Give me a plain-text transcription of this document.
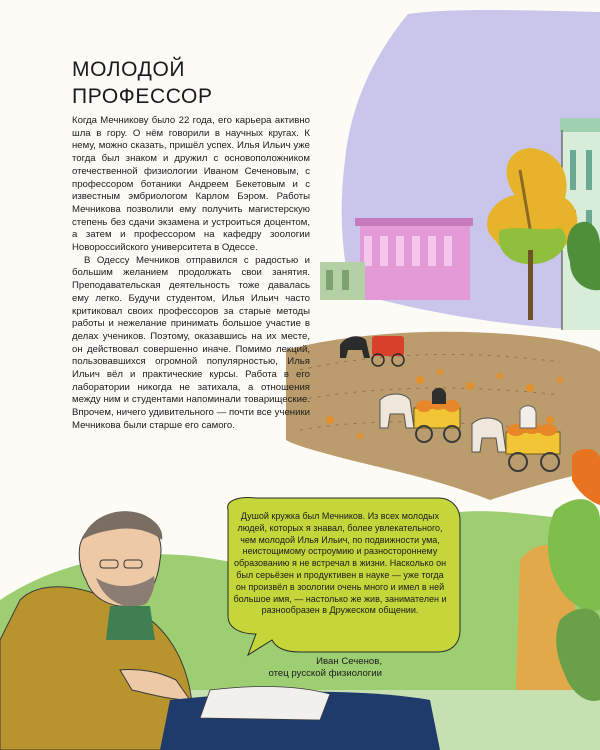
МОЛОДОЙ
ПРОФЕССОР

Когда Мечникову было 22 года, его карьера активно шла в гору. О нём говорили в научных кругах. К нему, можно сказать, пришёл успех. Илья Ильич уже тогда был знаком и дружил с основоположником отечественной физиологии Иваном Сеченовым, с профессором ботаники Андреем Бекетовым и с известным эмбриологом Карлом Бэром. Работы Мечникова позволили ему получить магистерскую степень без сдачи экзамена и устроиться доцентом, а затем и профессором на кафедру зоологии Новороссийского университета в Одессе.

В Одессу Мечников отправился с радостью и большим желанием продолжать свои занятия. Преподавательская деятельность тоже давалась ему легко. Будучи студентом, Илья Ильич часто критиковал своих профессоров за старые методы работы и нежелание принимать большое участие в делах учеников. Поэтому, оказавшись на их месте, он действовал совершенно иначе. Помимо лекций, пользовавшихся огромной популярностью, Илья Ильич вёл и практические курсы. Работа в его лаборатории никогда не затихала, а отношения между ним и студентами напоминали товарищеские. Впрочем, ничего удивительного — почти все ученики Мечникова были старше его самого.

Душой кружка был Мечников. Из всех молодых людей, которых я знавал, более увлекательного, чем молодой Илья Ильич, по подвижности ума, неистощимому остроумию и разностороннему образованию я не встречал в жизни. Насколько он был серьёзен и продуктивен в науке — уже тогда он произвёл в зоологии очень много и имел в ней большое имя, — настолько же жив, занимателен и разнообразен в Дружеском общении.
Иван Сеченов,
отец русской физиологии
